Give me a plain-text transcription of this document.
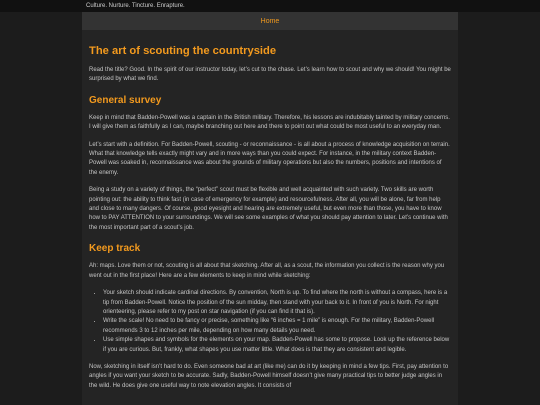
Culture. Nurture. Tincture. Enrapture.
Home
The art of scouting the countryside

Read the title? Good. In the spirit of our instructor today, let’s cut to the chase. Let’s learn how to scout and why we should! You might be surprised by what we find.

General survey

Keep in mind that Badden-Powell was a captain in the British military. Therefore, his lessons are indubitably tainted by military concerns. I will give them as faithfully as I can, maybe branching out here and there to point out what could be most useful to an everyday man.

Let’s start with a definition. For Badden-Powell, scouting - or reconnaissance - is all about a process of knowledge acquisition on terrain. What that knowledge tells exactly might vary and in more ways than you could expect. For instance, in the military context Badden-Powell was soaked in, reconnaissance was about the grounds of military operations but also the numbers, positions and intentions of the enemy.

Being a study on a variety of things, the “perfect” scout must be flexible and well acquainted with such variety. Two skills are worth pointing out: the ability to think fast (in case of emergency for example) and resourcefulness. After all, you will be alone, far from help and close to many dangers. Of course, good eyesight and hearing are extremely useful, but even more than those, you have to know how to PAY ATTENTION to your surroundings. We will see some examples of what you should pay attention to later. Let’s continue with the most important part of a scout’s job.

Keep track

Ah: maps. Love them or not, scouting is all about that sketching. After all, as a scout, the information you collect is the reason why you went out in the first place! Here are a few elements to keep in mind while sketching:

• Your sketch should indicate cardinal directions. By convention, North is up. To find where the north is without a compass, here is a tip from Badden-Powell. Notice the position of the sun midday, then stand with your back to it. In front of you is North. For night orienteering, please refer to my post on star navigation (if you can find it that is).
• Write the scale! No need to be fancy or precise, something like “6 inches = 1 mile” is enough. For the military, Badden-Powell recommends 3 to 12 inches per mile, depending on how many details you need.
• Use simple shapes and symbols for the elements on your map. Badden-Powell has some to propose. Look up the reference below if you are curious. But, frankly, what shapes you use matter little. What does is that they are consistent and legible.

Now, sketching in itself isn’t hard to do. Even someone bad at art (like me) can do it by keeping in mind a few tips. First, pay attention to angles if you want your sketch to be accurate. Sadly, Badden-Powell himself doesn’t give many practical tips to better judge angles in the wild. He does give one useful way to note elevation angles. It consists of
